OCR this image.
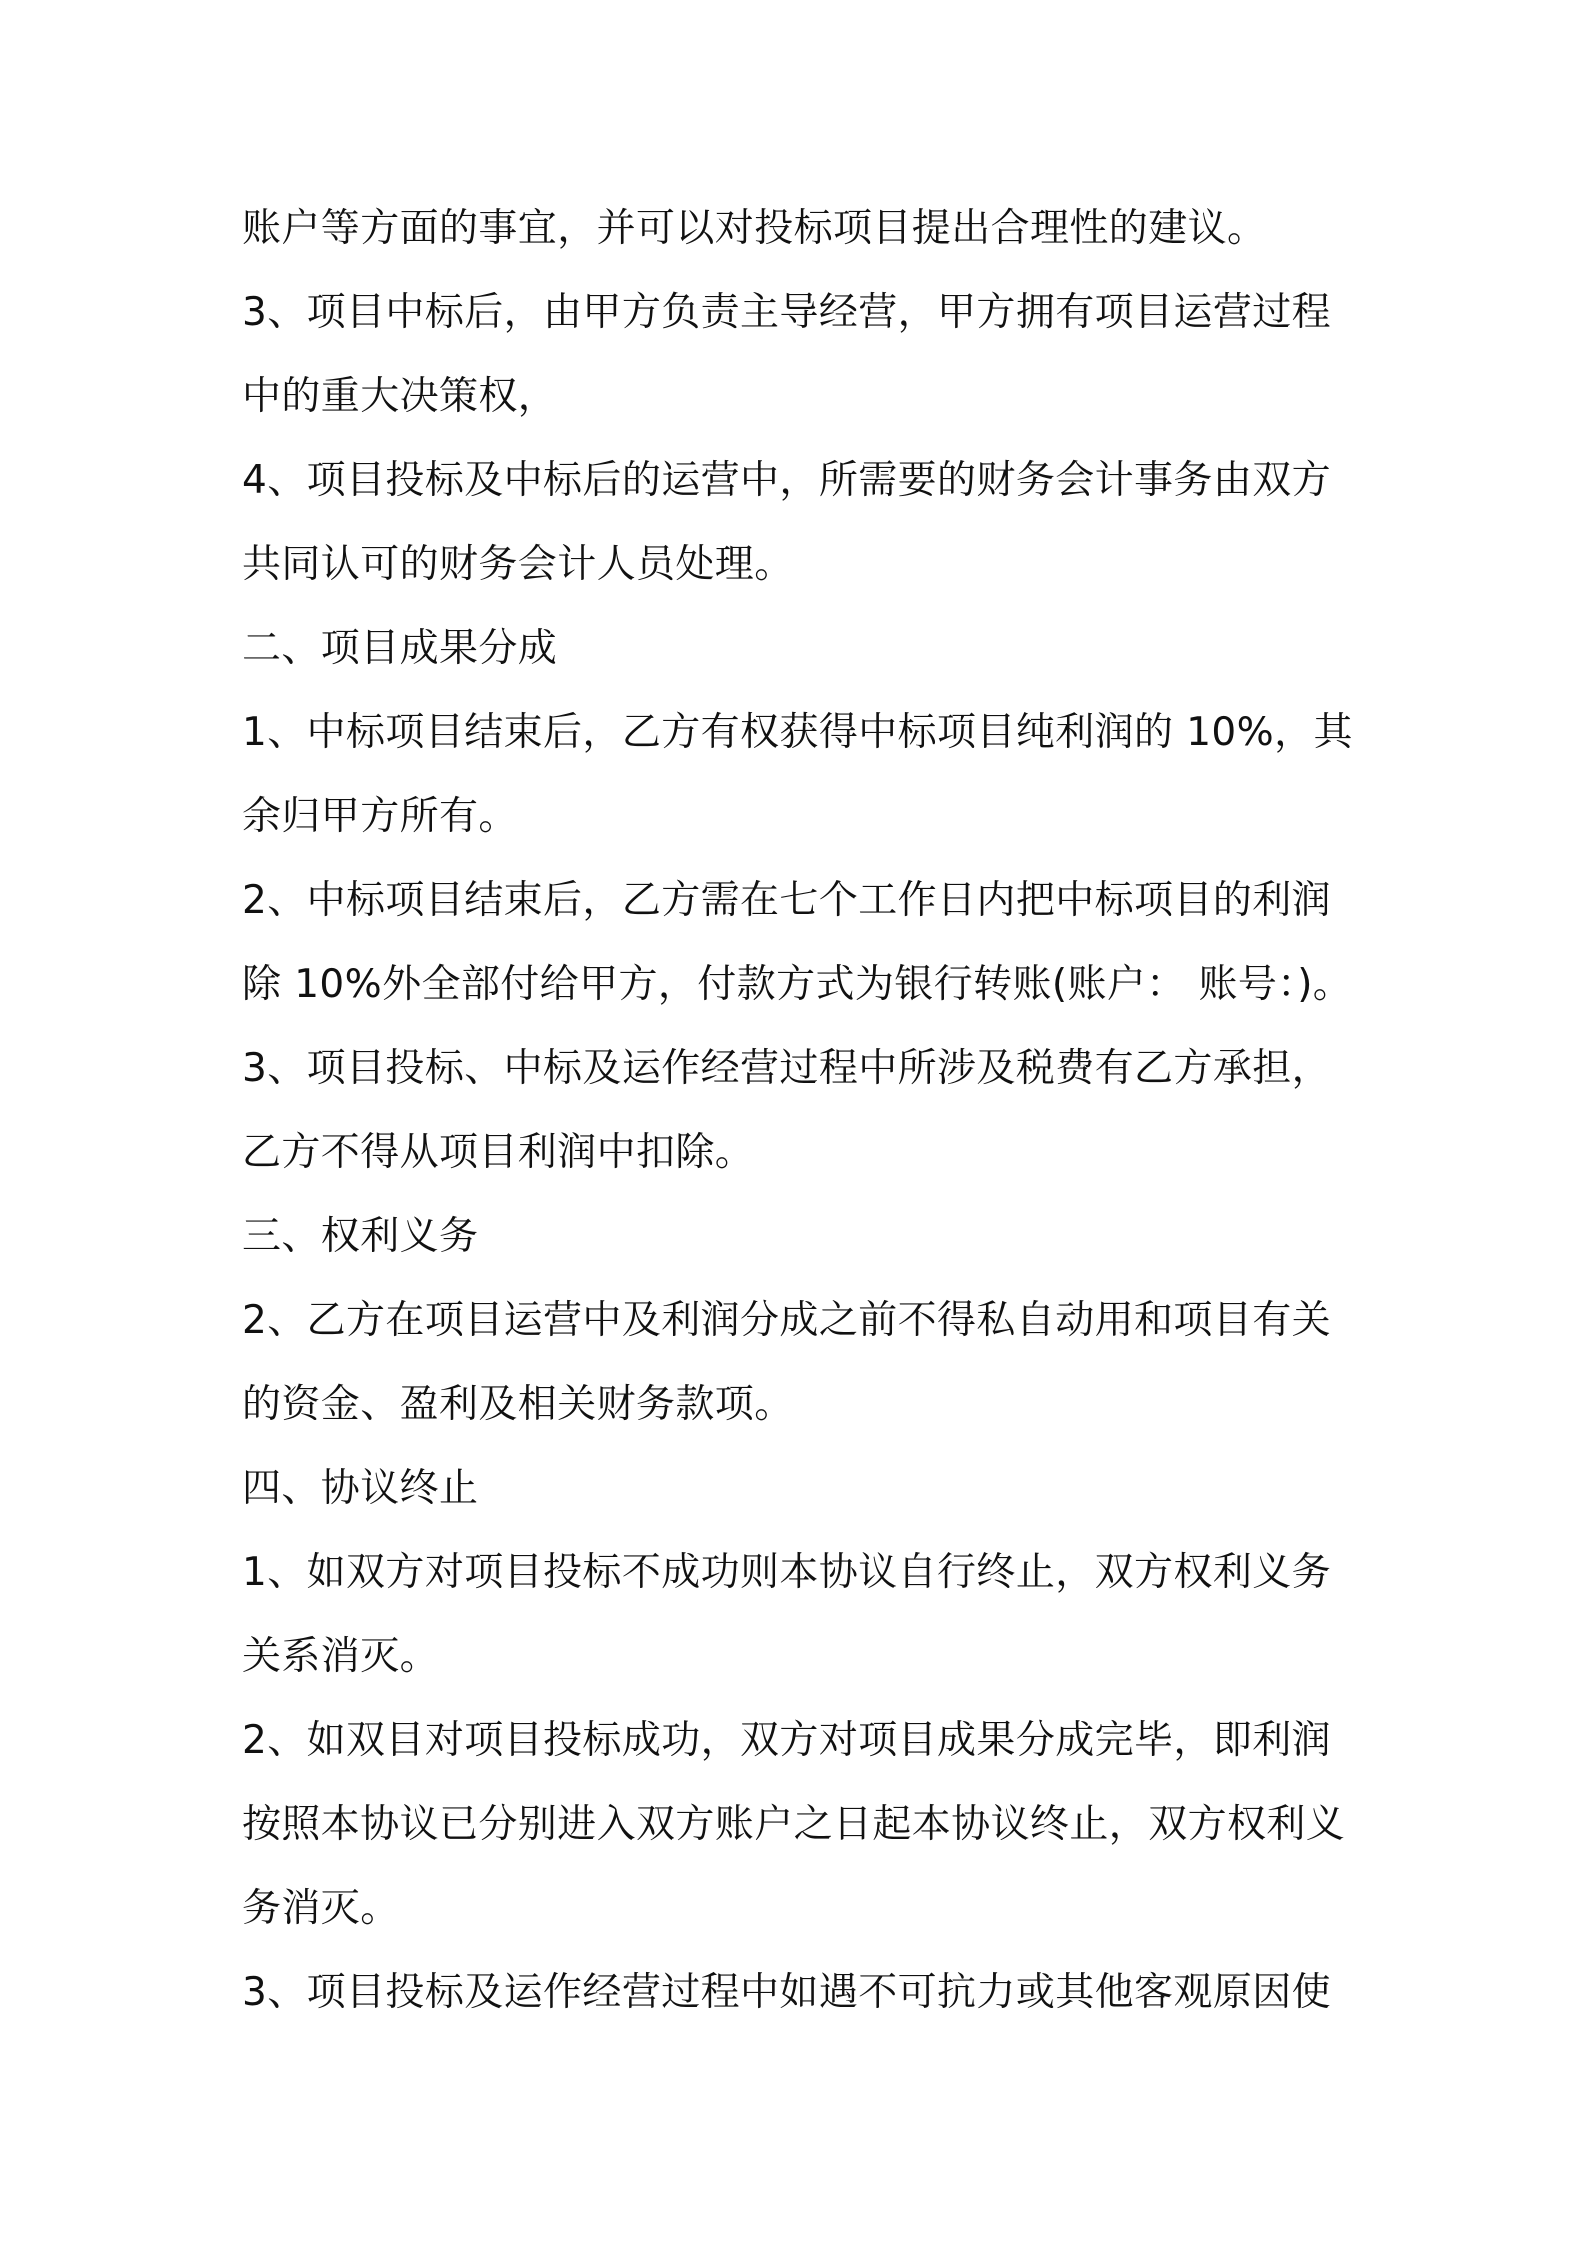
账户等方面的事宜，并可以对投标项目提出合理性的建议。
3、项目中标后，由甲方负责主导经营，甲方拥有项目运营过程
中的重大决策权，
4、项目投标及中标后的运营中，所需要的财务会计事务由双方
共同认可的财务会计人员处理。
二、项目成果分成
1、中标项目结束后，乙方有权获得中标项目纯利润的 10%，其
余归甲方所有。
2、中标项目结束后，乙方需在七个工作日内把中标项目的利润
除 10%外全部付给甲方，付款方式为银行转账(账户： 账号：)。
3、项目投标、中标及运作经营过程中所涉及税费有乙方承担，
乙方不得从项目利润中扣除。
三、权利义务
2、乙方在项目运营中及利润分成之前不得私自动用和项目有关
的资金、盈利及相关财务款项。
四、协议终止
1、如双方对项目投标不成功则本协议自行终止，双方权利义务
关系消灭。
2、如双目对项目投标成功，双方对项目成果分成完毕，即利润
按照本协议已分别进入双方账户之日起本协议终止，双方权利义
务消灭。
3、项目投标及运作经营过程中如遇不可抗力或其他客观原因使
